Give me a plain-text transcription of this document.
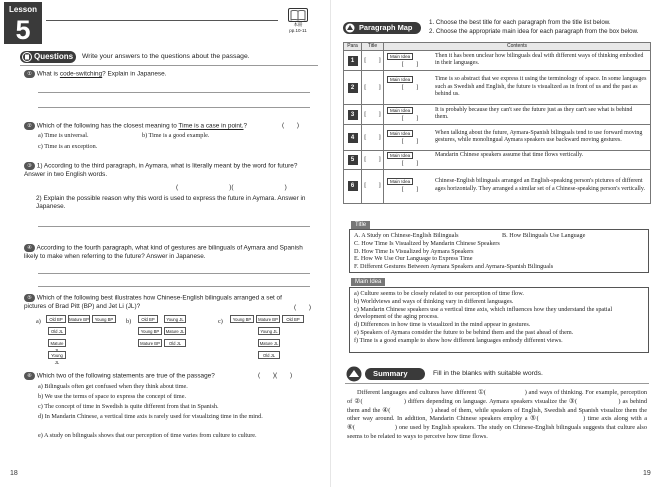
Lesson
5	本冊
pp.10-11
Questions	Write your answers to the questions about the passage.
① What is code-switching? Explain in Japanese.
② Which of the following has the closest meaning to Time is a case in point.?	(　　)
a) Time is universal.	b) Time is a good example.
c) Time is an exception.
③ 1) According to the third paragraph, in Aymara, what is literally meant by the word for future? Answer in two English words.
(　　　　　　　　)(　　　　　　　　)
2) Explain the possible reason why this word is used to express the future in Aymara. Answer in Japanese.
④ According to the fourth paragraph, what kind of gestures are bilinguals of Aymara and Spanish likely to make when referring to the future? Answer in Japanese.
⑤ Which of the following best illustrates how Chinese-English bilinguals arranged a set of pictures of Brad Pitt (BP) and Jet Li (JL)?	(　　)
a)	Old BP	Mature BP	Young BP
Old JL
Mature
Young JL
b)	Old BP
Young BP
Mature BP
Young JL
Mature JL
Old JL
c)	Young BP	Mature BP	Old BP
Young JL
Mature JL
Old JL
⑥ Which two of the following statements are true of the passage?	(　　)(　　)
a) Bilinguals often get confused when they think about time.
b) We use the terms of space to express the concept of time.
c) The concept of time in Swedish is quite different from that in Spanish.
d) In Mandarin Chinese, a vertical time axis is rarely used for visualizing time in the mind.
e) A study on bilinguals shows that our perception of time varies from culture to culture.
18
Paragraph Map
1. Choose the best title for each paragraph from the title list below.
2. Choose the appropriate main idea for each paragraph from the box below.
Para	Title	Contents
1	[　　]	Main Idea
[　　]
Then it has been unclear how bilinguals deal with different ways of thinking embodied in their languages.

2	[　　]	Main Idea
[　　]
Time is so abstract that we express it using the terminology of space. In some languages such as Swedish and English, the future is visualized as in front of us and the past as behind us.

3	[　　]	Main Idea
[　　]
It is probably because they can't see the future just as they can't see what is behind them.

4	[　　]	Main Idea
[　　]
When talking about the future, Aymara-Spanish bilinguals tend to use forward moving gestures, while monolingual Aymara speakers use backward moving gestures.

5	[　　]	Main Idea
[　　]
Mandarin Chinese speakers assume that time flows vertically.

6	[　　]	Main Idea
[　　]
Chinese-English bilinguals arranged an English-speaking person's pictures of different ages horizontally. They arranged a similar set of a Chinese-speaking person's vertically.
Title
A. A Study on Chinese-English Bilinguals	B. How Bilinguals Use Language
C. How Time Is Visualized by Mandarin Chinese Speakers
D. How Time Is Visualized by Aymara Speakers
E. How We Use Our Language to Express Time
F. Different Gestures Between Aymara Speakers and Aymara-Spanish Bilinguals
Main Idea
a) Culture seems to be closely related to our perception of time flow.
b) Worldviews and ways of thinking vary in different languages.
c) Mandarin Chinese speakers use a vertical time axis, which influences how they understand the spatial development of the aging process.
d) Differences in how time is visualized in the mind appear in gestures.
e) Speakers of Aymara consider the future to be behind them and the past ahead of them.
f) Time is a good example to show how different languages embody different views.
Summary	Fill in the blanks with suitable words.
Different languages and cultures have different ①(　　　　　　) and ways of thinking. For example, perception of ②(　　　　　　) differs depending on language. Aymara speakers visualize the ③(　　　　　　) as behind them and the ④(　　　　　　) ahead of them, while speakers of English, Swedish and Spanish visualize them the other way around. In addition, Mandarin Chinese speakers employ a ⑤(　　　　　　) time axis along with a ⑥(　　　　　　) one used by English speakers. The study on Chinese-English bilinguals suggests that culture also seems to be related to ways to perceive how time flows.
19
